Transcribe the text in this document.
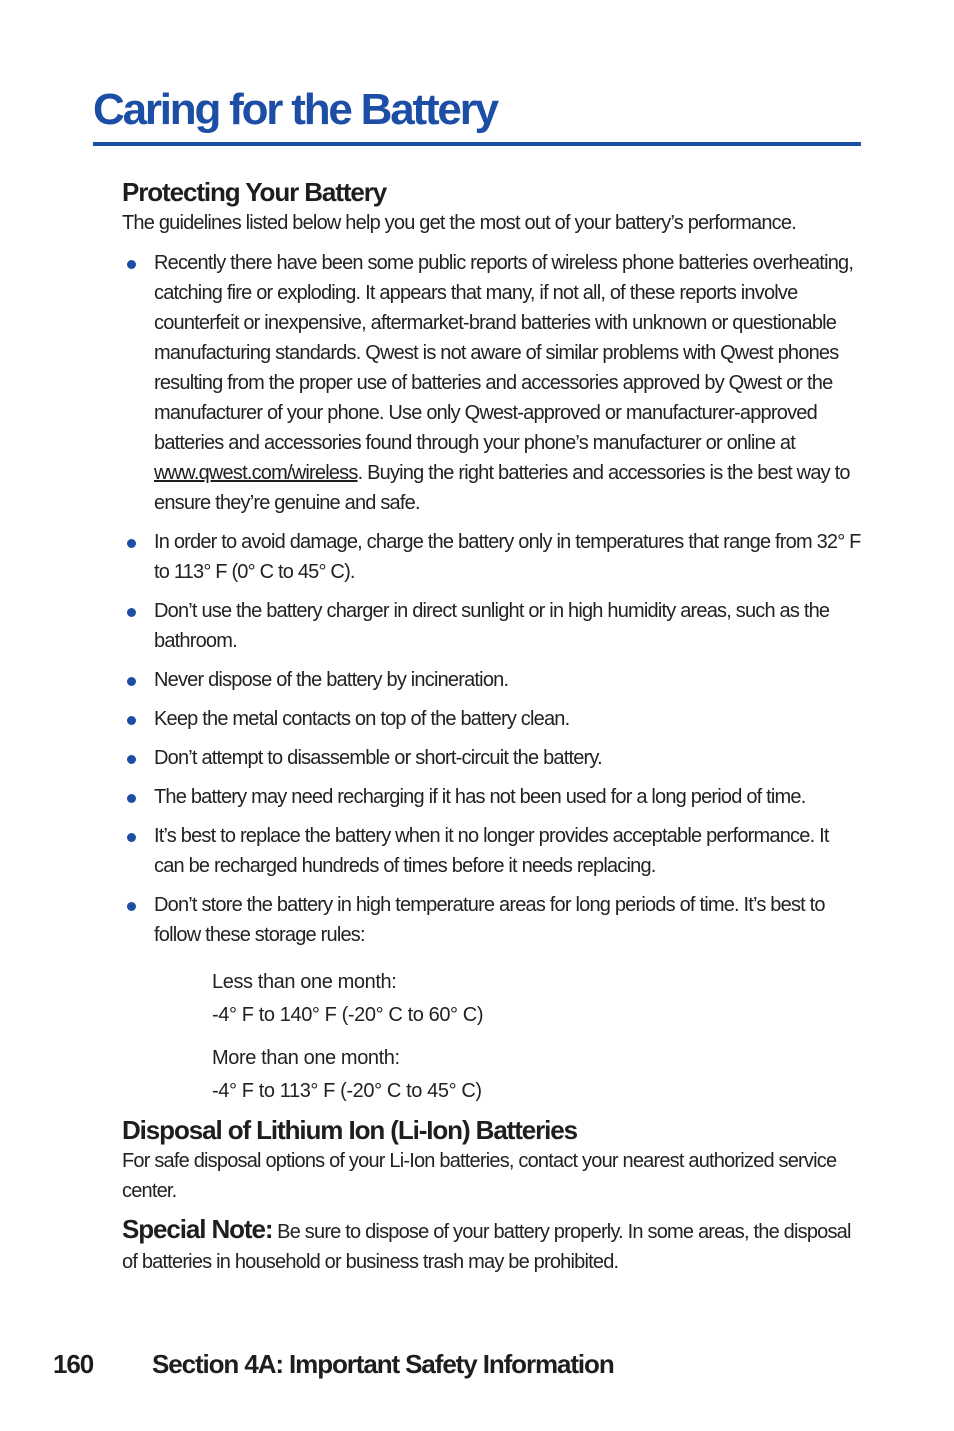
Caring for the Battery
Protecting Your Battery

The guidelines listed below help you get the most out of your battery’s performance.

Recently there have been some public reports of wireless phone batteries overheating, catching fire or exploding. It appears that many, if not all, of these reports involve counterfeit or inexpensive, aftermarket-brand batteries with unknown or questionable manufacturing standards. Qwest is not aware of similar problems with Qwest phones resulting from the proper use of batteries and accessories approved by Qwest or the manufacturer of your phone. Use only Qwest-approved or manufacturer-approved batteries and accessories found through your phone’s manufacturer or online at www.qwest.com/wireless. Buying the right batteries and accessories is the best way to ensure they’re genuine and safe.
In order to avoid damage, charge the battery only in temperatures that range from 32° F to 113° F (0° C to 45° C).
Don’t use the battery charger in direct sunlight or in high humidity areas, such as the bathroom.
Never dispose of the battery by incineration.
Keep the metal contacts on top of the battery clean.
Don’t attempt to disassemble or short-circuit the battery.
The battery may need recharging if it has not been used for a long period of time.
It’s best to replace the battery when it no longer provides acceptable performance. It can be recharged hundreds of times before it needs replacing.
Don’t store the battery in high temperature areas for long periods of time. It’s best to follow these storage rules:
Less than one month:
-4° F to 140° F (-20° C to 60° C)
More than one month:
-4° F to 113° F (-20° C to 45° C)
Disposal of Lithium Ion (Li-Ion) Batteries

For safe disposal options of your Li-Ion batteries, contact your nearest authorized service center.

Special Note: Be sure to dispose of your battery properly. In some areas, the disposal of batteries in household or business trash may be prohibited.

160 Section 4A: Important Safety Information
